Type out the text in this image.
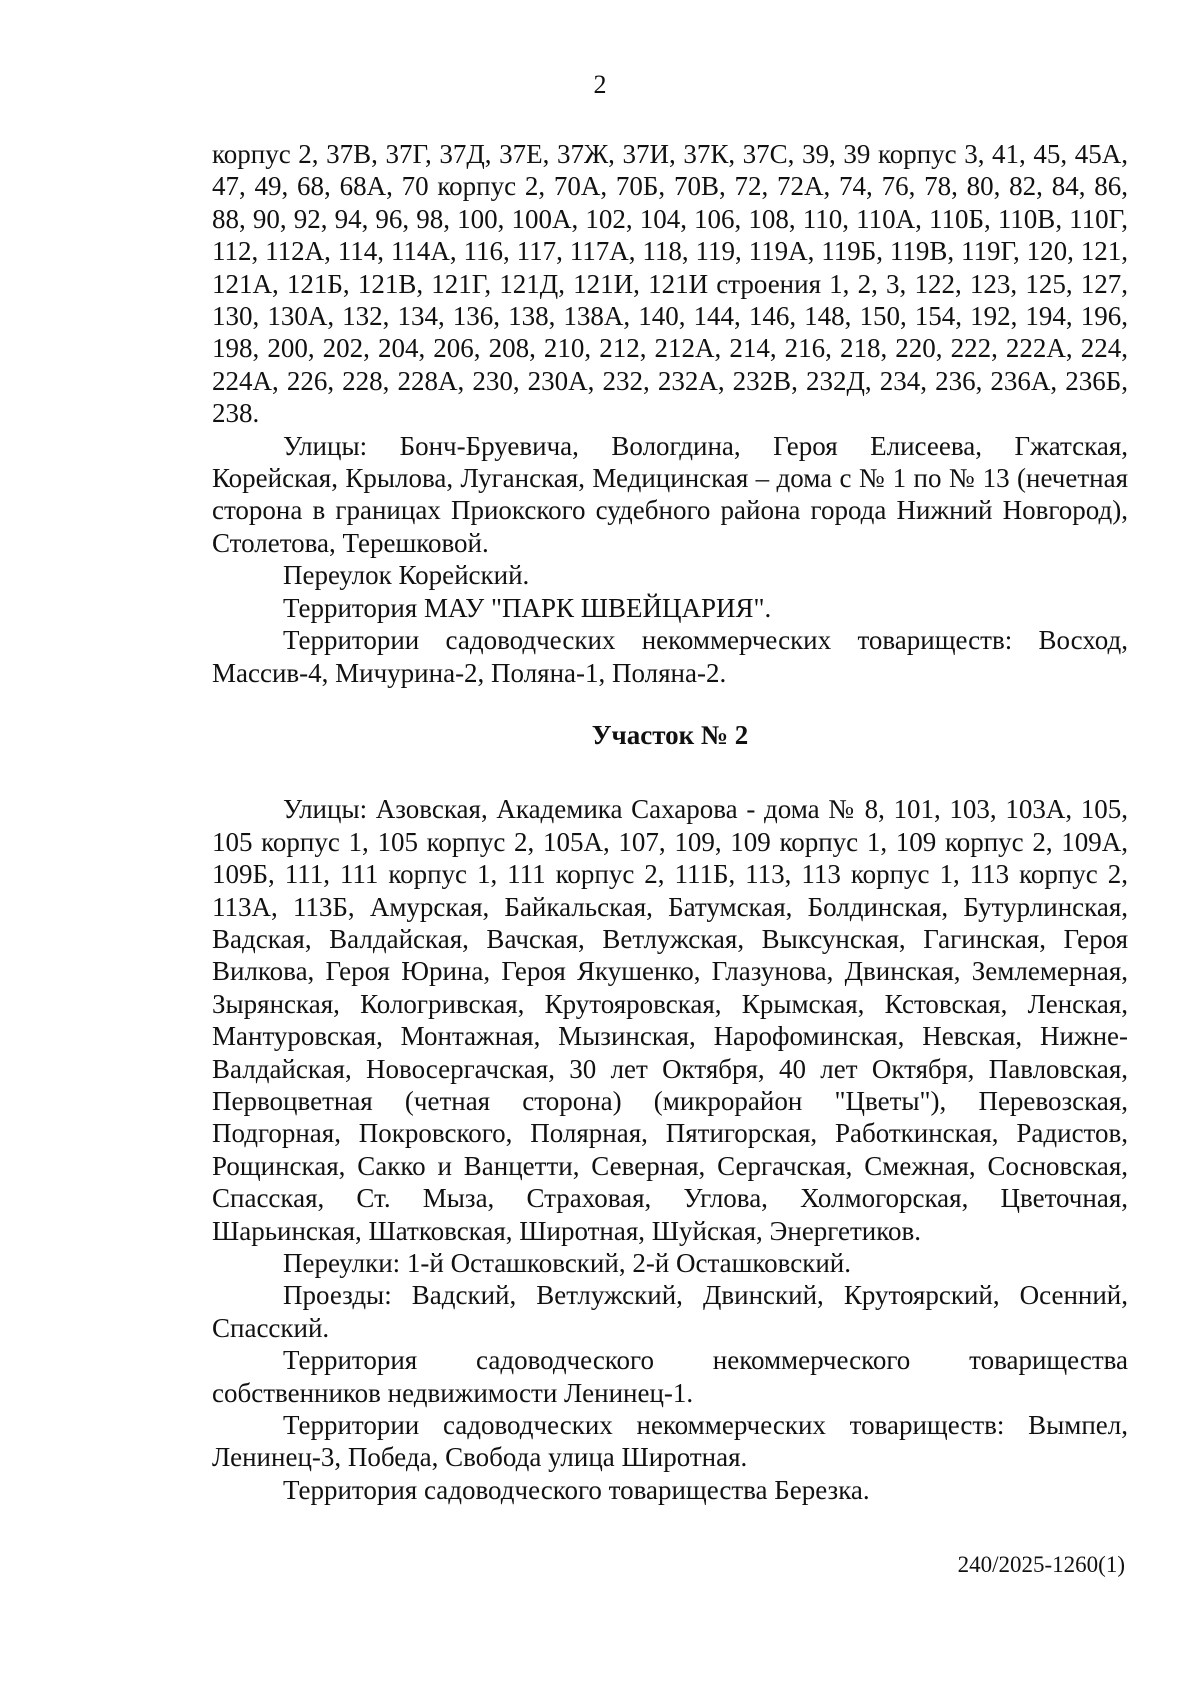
2

корпус 2, 37В, 37Г, 37Д, 37Е, 37Ж, 37И, 37К, 37С, 39, 39 корпус 3, 41, 45, 45А, 47, 49, 68, 68А, 70 корпус 2, 70А, 70Б, 70В, 72, 72А, 74, 76, 78, 80, 82, 84, 86, 88, 90, 92, 94, 96, 98, 100, 100А, 102, 104, 106, 108, 110, 110А, 110Б, 110В, 110Г, 112, 112А, 114, 114А, 116, 117, 117А, 118, 119, 119А, 119Б, 119В, 119Г, 120, 121, 121А, 121Б, 121В, 121Г, 121Д, 121И, 121И строения 1, 2, 3, 122, 123, 125, 127, 130, 130А, 132, 134, 136, 138, 138А, 140, 144, 146, 148, 150, 154, 192, 194, 196, 198, 200, 202, 204, 206, 208, 210, 212, 212А, 214, 216, 218, 220, 222, 222А, 224, 224А, 226, 228, 228А, 230, 230А, 232, 232А, 232В, 232Д, 234, 236, 236А, 236Б, 238.

Улицы: Бонч-Бруевича, Вологдина, Героя Елисеева, Гжатская, Корейская, Крылова, Луганская, Медицинская – дома с № 1 по № 13 (нечетная сторона в границах Приокского судебного района города Нижний Новгород), Столетова, Терешковой.

Переулок Корейский.

Территория МАУ "ПАРК ШВЕЙЦАРИЯ".

Территории садоводческих некоммерческих товариществ: Восход, Массив-4, Мичурина-2, Поляна-1, Поляна-2.

Участок № 2

Улицы: Азовская, Академика Сахарова - дома № 8, 101, 103, 103А, 105, 105 корпус 1, 105 корпус 2, 105А, 107, 109, 109 корпус 1, 109 корпус 2, 109А, 109Б, 111, 111 корпус 1, 111 корпус 2, 111Б, 113, 113 корпус 1, 113 корпус 2, 113А, 113Б, Амурская, Байкальская, Батумская, Болдинская, Бутурлинская, Вадская, Валдайская, Вачская, Ветлужская, Выксунская, Гагинская, Героя Вилкова, Героя Юрина, Героя Якушенко, Глазунова, Двинская, Землемерная, Зырянская, Кологривская, Крутояровская, Крымская, Кстовская, Ленская, Мантуровская, Монтажная, Мызинская, Нарофоминская, Невская, Нижне-Валдайская, Новосергачская, 30 лет Октября, 40 лет Октября, Павловская, Первоцветная (четная сторона) (микрорайон "Цветы"), Перевозская, Подгорная, Покровского, Полярная, Пятигорская, Работкинская, Радистов, Рощинская, Сакко и Ванцетти, Северная, Сергачская, Смежная, Сосновская, Спасская, Ст. Мыза, Страховая, Углова, Холмогорская, Цветочная, Шарьинская, Шатковская, Широтная, Шуйская, Энергетиков.

Переулки: 1-й Осташковский, 2-й Осташковский.

Проезды: Вадский, Ветлужский, Двинский, Крутоярский, Осенний, Спасский.

Территория садоводческого некоммерческого товарищества собственников недвижимости Ленинец-1.

Территории садоводческих некоммерческих товариществ: Вымпел, Ленинец-3, Победа, Свобода улица Широтная.

Территория садоводческого товарищества Березка.

240/2025-1260(1)
